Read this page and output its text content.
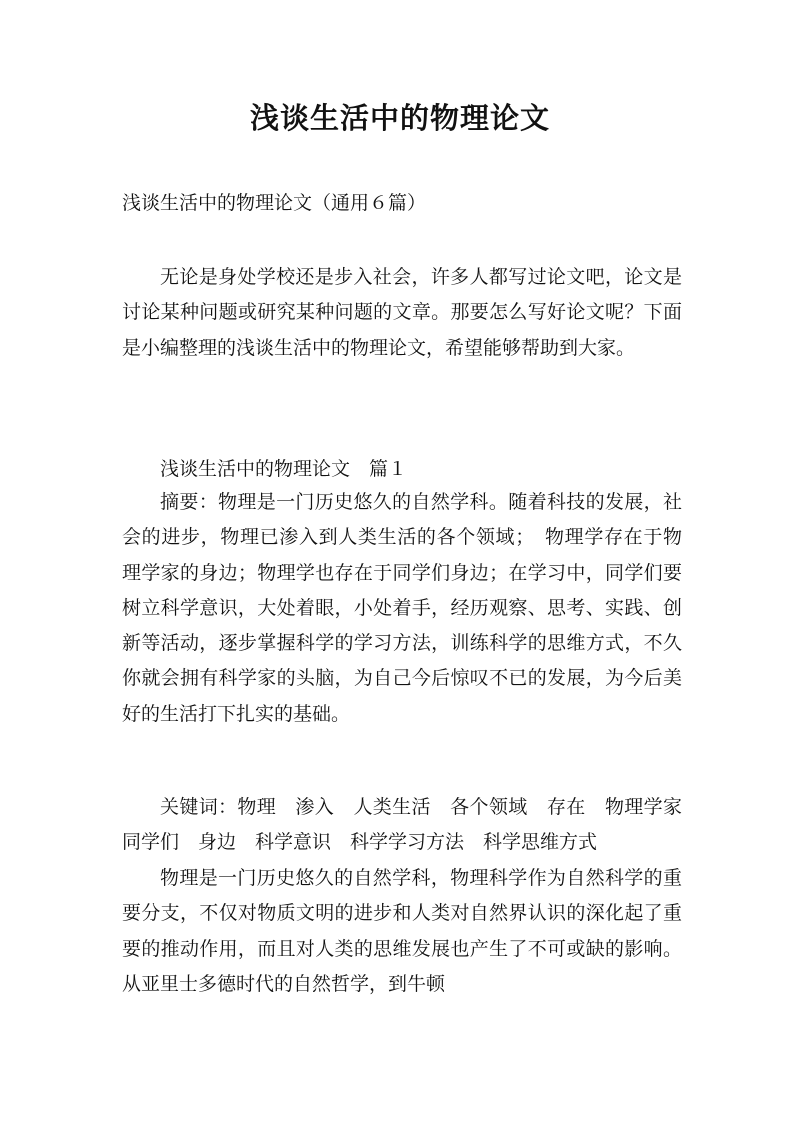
浅谈生活中的物理论文

浅谈生活中的物理论文（通用６篇）

无论是身处学校还是步入社会，许多人都写过论文吧，论文是讨论某种问题或研究某种问题的文章。那要怎么写好论文呢？下面是小编整理的浅谈生活中的物理论文，希望能够帮助到大家。

浅谈生活中的物理论文　篇１

摘要：物理是一门历史悠久的自然学科。随着科技的发展，社会的进步，物理已渗入到人类生活的各个领域；　物理学存在于物理学家的身边；物理学也存在于同学们身边；在学习中，同学们要树立科学意识，大处着眼，小处着手，经历观察、思考、实践、创新等活动，逐步掌握科学的学习方法，训练科学的思维方式，不久你就会拥有科学家的头脑，为自己今后惊叹不已的发展，为今后美好的生活打下扎实的基础。

关键词：物理　渗入　人类生活　各个领域　存在　物理学家　同学们　身边　科学意识　科学学习方法　科学思维方式

物理是一门历史悠久的自然学科，物理科学作为自然科学的重要分支，不仅对物质文明的进步和人类对自然界认识的深化起了重要的推动作用，而且对人类的思维发展也产生了不可或缺的影响。从亚里士多德时代的自然哲学，到牛顿
